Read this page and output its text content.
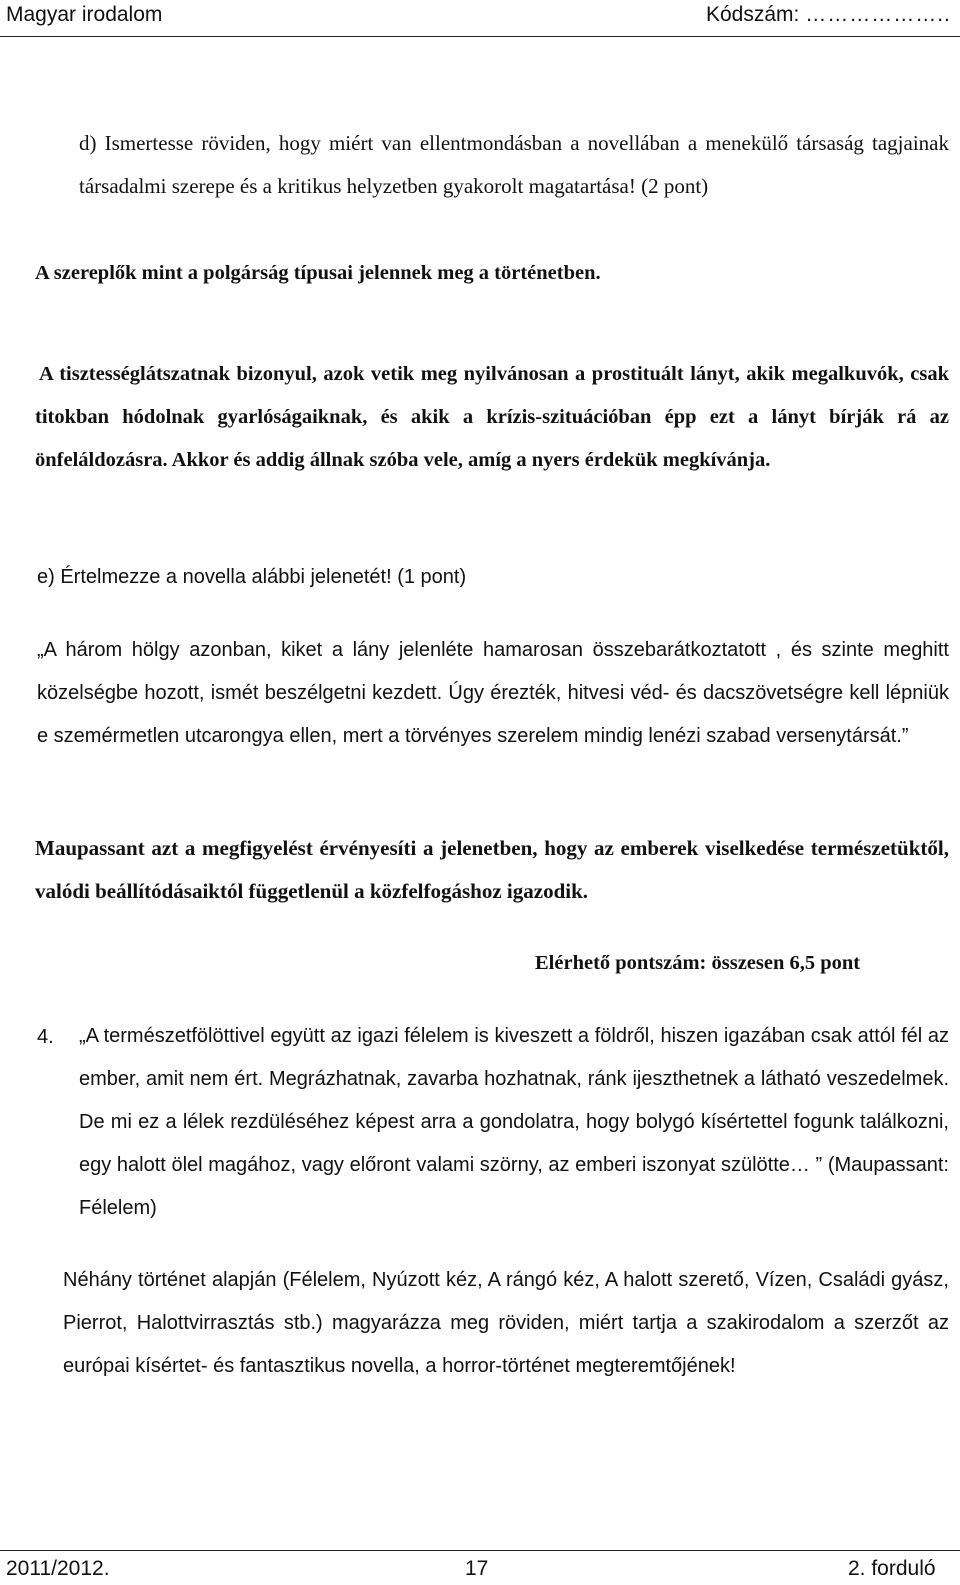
Magyar irodalom	Kódszám: ………………..

d) Ismertesse röviden, hogy miért van ellentmondásban a novellában a menekülő társaság tagjainak társadalmi szerepe és a kritikus helyzetben gyakorolt magatartása! (2 pont)

A szereplők mint a polgárság típusai jelennek meg a történetben.

A tisztességlátszatnak bizonyul, azok vetik meg nyilvánosan a prostituált lányt, akik megalkuvók, csak titokban hódolnak gyarlóságaiknak, és akik a krízis-szituációban épp ezt a lányt bírják rá az önfeláldozásra. Akkor és addig állnak szóba vele, amíg a nyers érdekük megkívánja.

e) Értelmezze a novella alábbi jelenetét! (1 pont)

„A három hölgy azonban, kiket a lány jelenléte hamarosan összebarátkoztatott , és szinte meghitt közelségbe hozott, ismét beszélgetni kezdett. Úgy érezték, hitvesi véd- és dacszövetségre kell lépniük e szemérmetlen utcarongya ellen, mert a törvényes szerelem mindig lenézi szabad versenytársát.”

Maupassant azt a megfigyelést érvényesíti a jelenetben, hogy az emberek viselkedése természetüktől, valódi beállítódásaiktól függetlenül a közfelfogáshoz igazodik.

Elérhető pontszám: összesen 6,5 pont

4. „A természetfölöttivel együtt az igazi félelem is kiveszett a földről, hiszen igazában csak attól fél az ember, amit nem ért. Megrázhatnak, zavarba hozhatnak, ránk ijeszthetnek a látható veszedelmek. De mi ez a lélek rezdüléséhez képest arra a gondolatra, hogy bolygó kísértettel fogunk találkozni, egy halott ölel magához, vagy előront valami szörny, az emberi iszonyat szülötte… ” (Maupassant: Félelem)

Néhány történet alapján (Félelem, Nyúzott kéz, A rángó kéz, A halott szerető, Vízen, Családi gyász, Pierrot, Halottvirrasztás stb.) magyarázza meg röviden, miért tartja a szakirodalom a szerzőt az európai kísértet- és fantasztikus novella, a horror-történet megteremtőjének!

2011/2012.	17	2. forduló
